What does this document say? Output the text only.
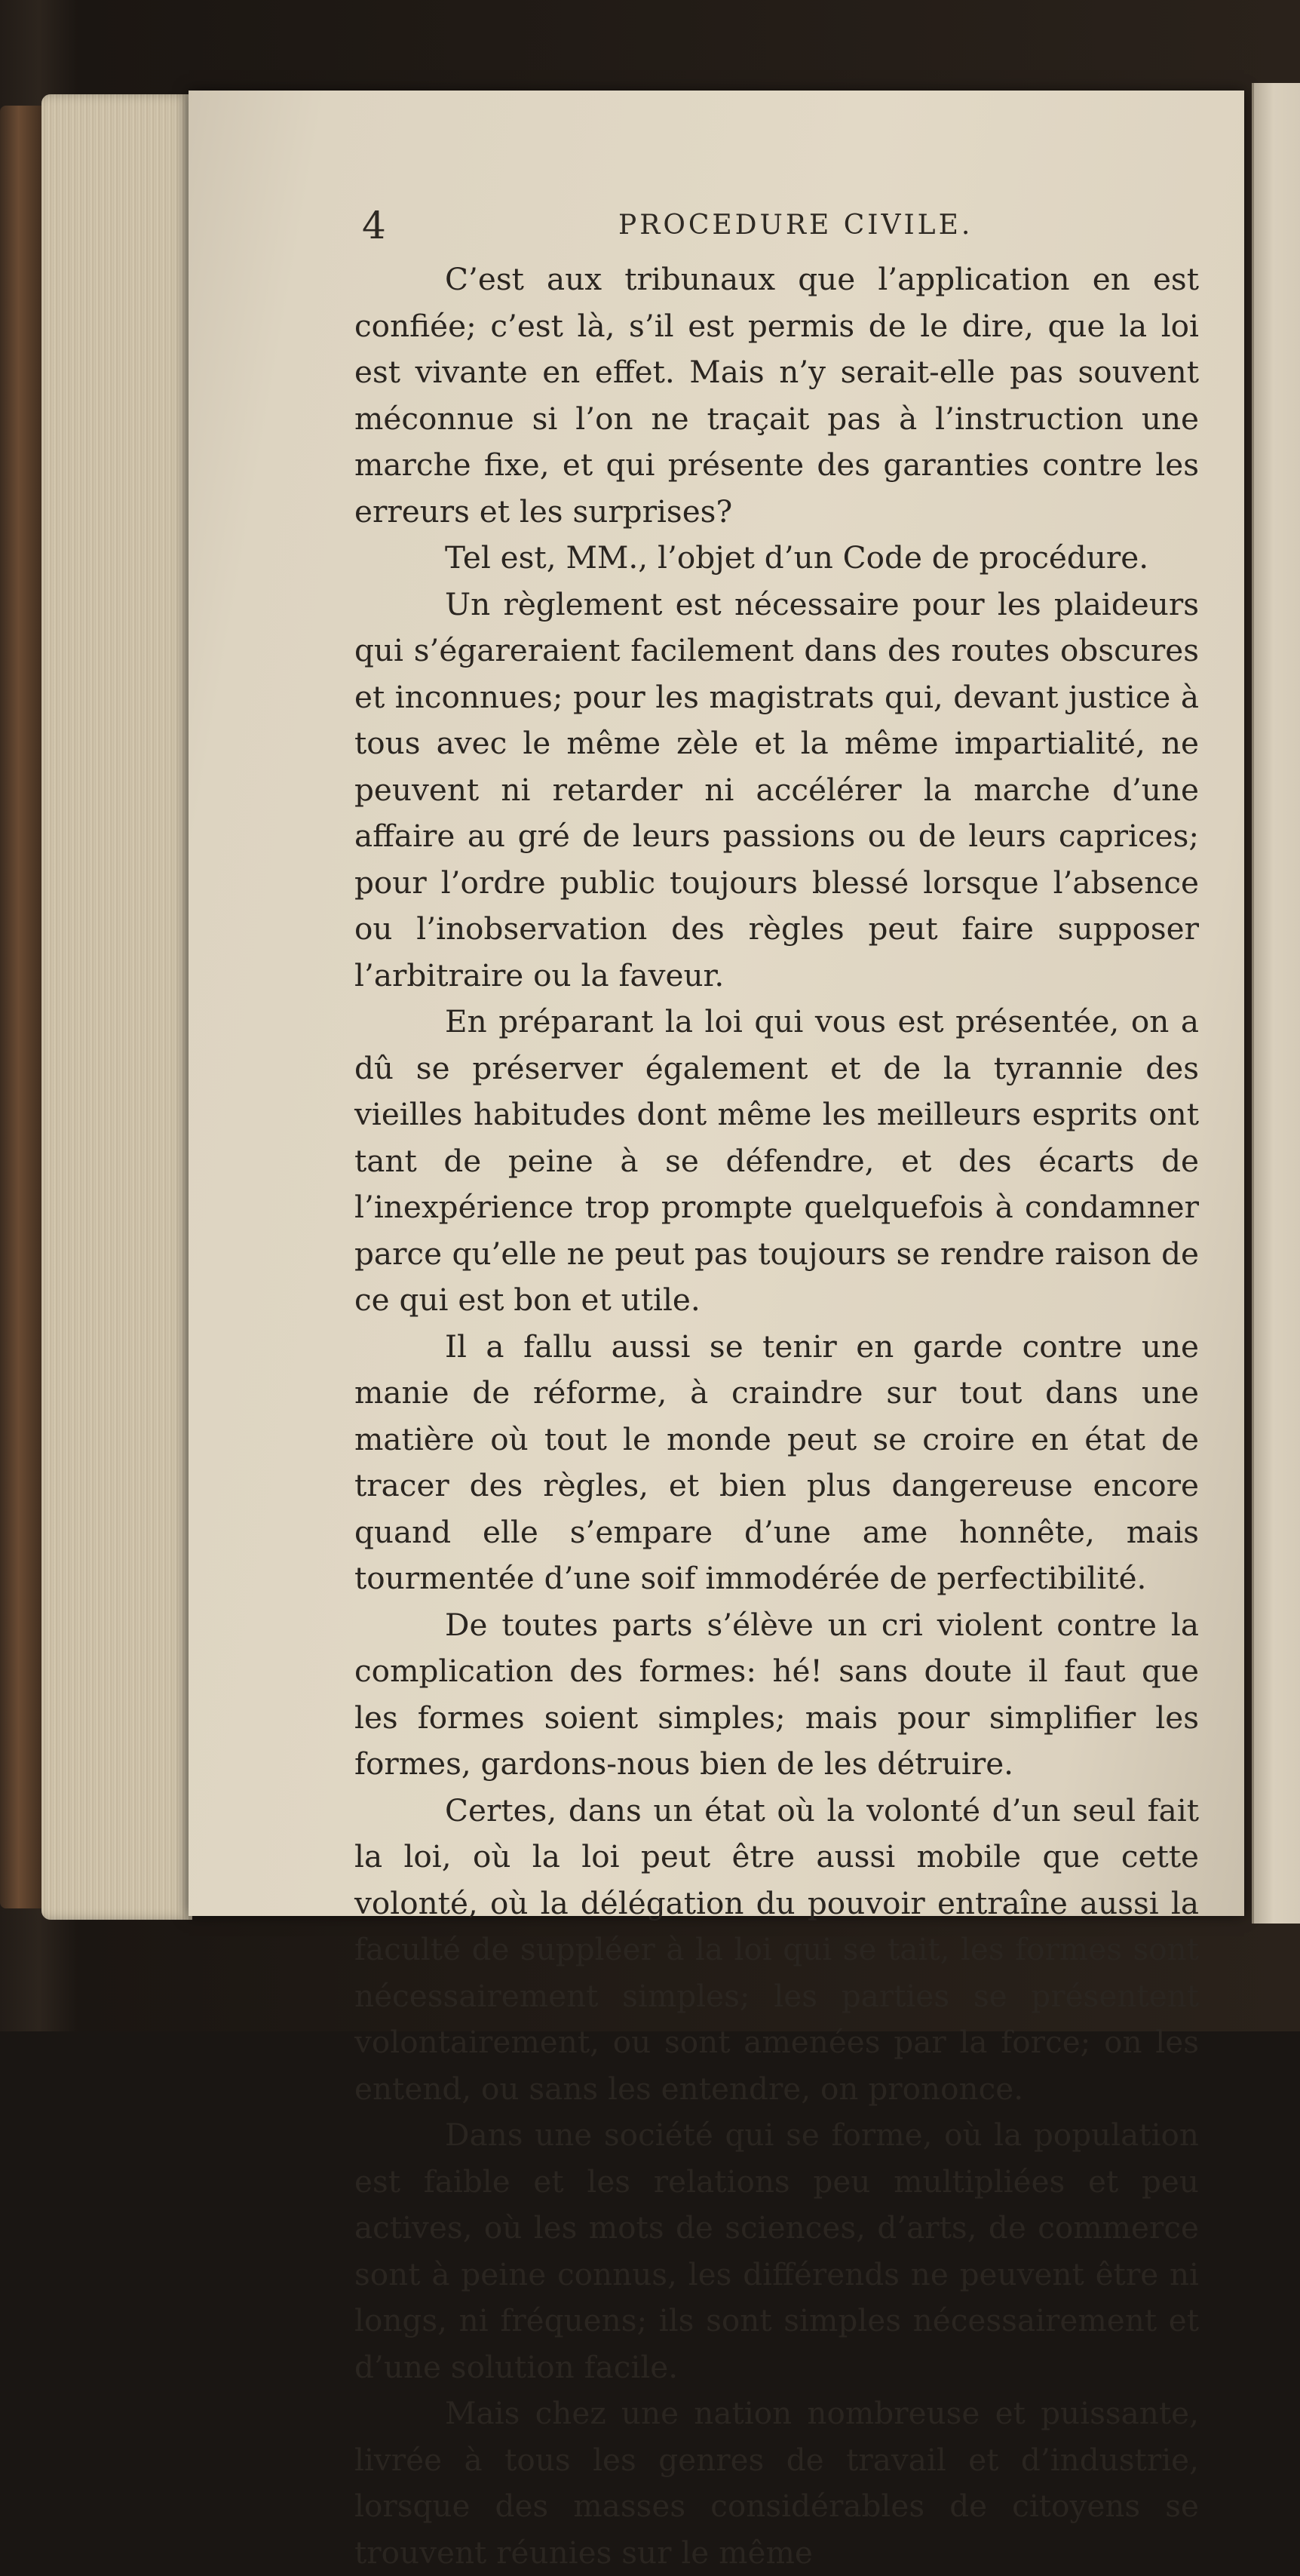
4	PROCEDURE CIVILE.

C’est aux tribunaux que l’application en est confiée; c’est là, s’il est permis de le dire, que la loi est vivante en effet. Mais n’y serait-elle pas souvent méconnue si l’on ne traçait pas à l’instruction une marche fixe, et qui présente des garanties contre les erreurs et les surprises?

Tel est, MM., l’objet d’un Code de procédure.

Un règlement est nécessaire pour les plaideurs qui s’égareraient facilement dans des routes obscures et inconnues; pour les magistrats qui, devant justice à tous avec le même zèle et la même impartialité, ne peuvent ni retarder ni accélérer la marche d’une affaire au gré de leurs passions ou de leurs caprices; pour l’ordre public toujours blessé lorsque l’absence ou l’inobservation des règles peut faire supposer l’arbitraire ou la faveur.

En préparant la loi qui vous est présentée, on a dû se préserver également et de la tyrannie des vieilles habitudes dont même les meilleurs esprits ont tant de peine à se défendre, et des écarts de l’inexpérience trop prompte quelquefois à condamner parce qu’elle ne peut pas toujours se rendre raison de ce qui est bon et utile.

Il a fallu aussi se tenir en garde contre une manie de réforme, à craindre sur tout dans une matière où tout le monde peut se croire en état de tracer des règles, et bien plus dangereuse encore quand elle s’empare d’une ame honnête, mais tourmentée d’une soif immodérée de perfectibilité.

De toutes parts s’élève un cri violent contre la complication des formes: hé! sans doute il faut que les formes soient simples; mais pour simplifier les formes, gardons-nous bien de les détruire.

Certes, dans un état où la volonté d’un seul fait la loi, où la loi peut être aussi mobile que cette volonté, où la délégation du pouvoir entraîne aussi la faculté de suppléer à la loi qui se tait, les formes sont nécessairement simples; les parties se présentent volontairement, ou sont amenées par la force; on les entend, ou sans les entendre, on prononce.

Dans une société qui se forme, où la population est faible et les relations peu multipliées et peu actives, où les mots de sciences, d’arts, de commerce sont à peine connus, les différends ne peuvent être ni longs, ni fréquens; ils sont simples nécessairement et d’une solution facile.

Mais chez une nation nombreuse et puissante, livrée à tous les genres de travail et d’industrie, lorsque des masses considérables de citoyens se trouvent réunies sur le même
